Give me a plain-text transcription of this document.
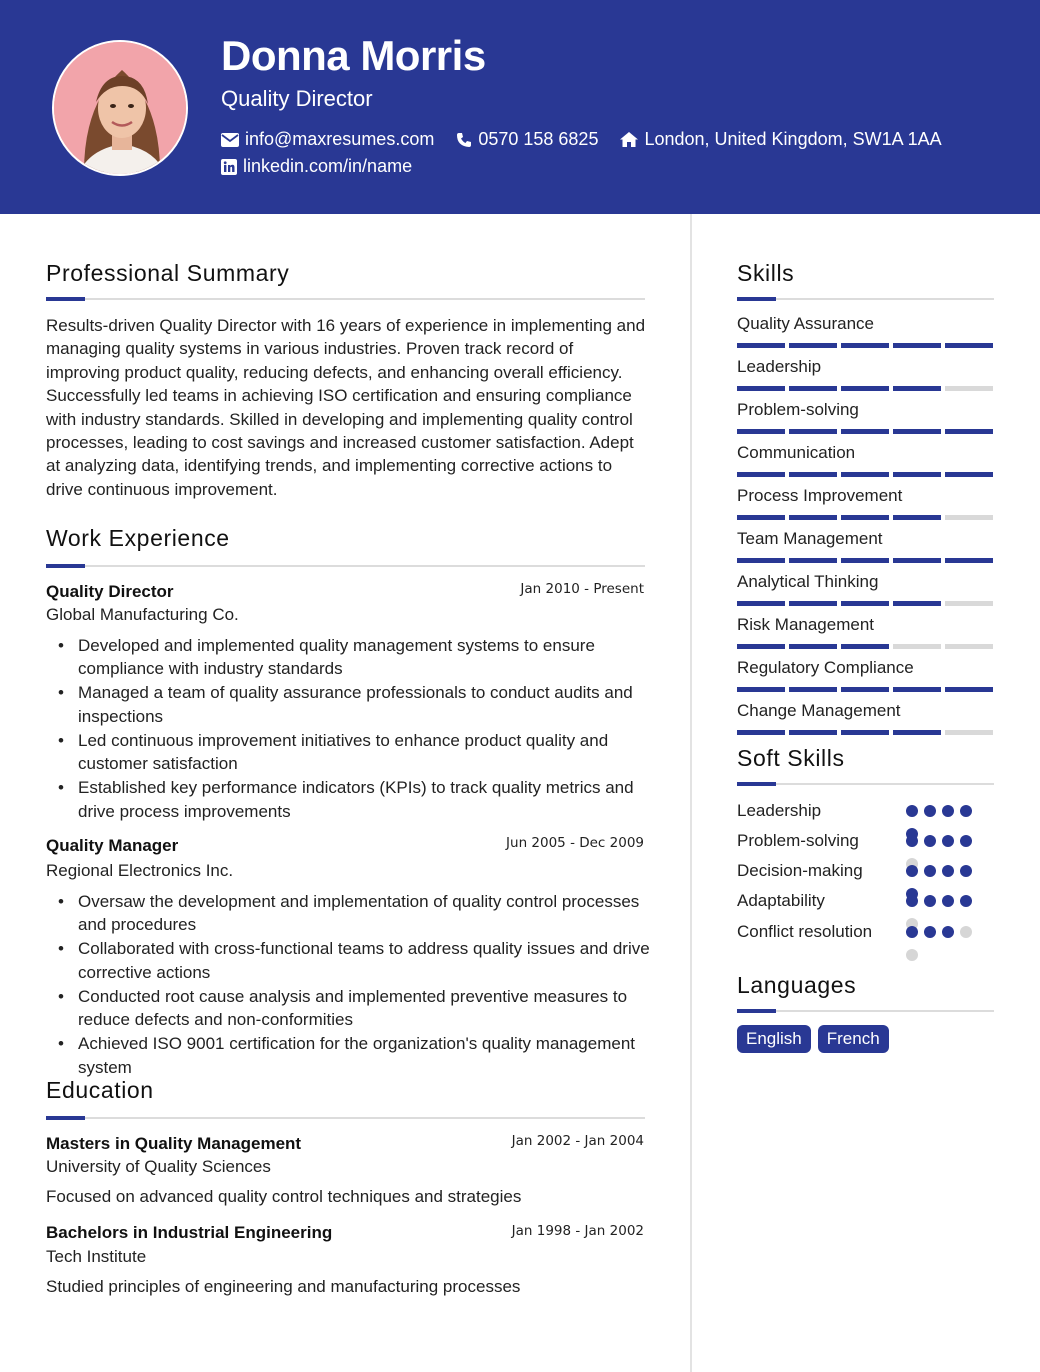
Donna Morris
Quality Director
info@maxresumes.com 0570 158 6825	London, United Kingdom, SW1A 1AA
linkedin.com/in/name
Professional Summary
Results-driven Quality Director with 16 years of experience in implementing and managing quality systems in various industries. Proven track record of improving product quality, reducing defects, and enhancing overall efficiency. Successfully led teams in achieving ISO certification and ensuring compliance with industry standards. Skilled in developing and implementing quality control processes, leading to cost savings and increased customer satisfaction. Adept at analyzing data, identifying trends, and implementing corrective actions to drive continuous improvement.
Work Experience
Quality Director	Jan 2010 - Present
Global Manufacturing Co.
• Developed and implemented quality management systems to ensure compliance with industry standards
• Managed a team of quality assurance professionals to conduct audits and inspections
• Led continuous improvement initiatives to enhance product quality and customer satisfaction
• Established key performance indicators (KPIs) to track quality metrics and drive process improvements
Quality Manager	Jun 2005 - Dec 2009
Regional Electronics Inc.
• Oversaw the development and implementation of quality control processes and procedures
• Collaborated with cross-functional teams to address quality issues and drive corrective actions
• Conducted root cause analysis and implemented preventive measures to reduce defects and non-conformities
• Achieved ISO 9001 certification for the organization's quality management system
Education
Masters in Quality Management	Jan 2002 - Jan 2004
University of Quality Sciences
Focused on advanced quality control techniques and strategies
Bachelors in Industrial Engineering	Jan 1998 - Jan 2002
Tech Institute
Studied principles of engineering and manufacturing processes
Skills
Quality Assurance
Leadership
Problem-solving
Communication
Process Improvement
Team Management
Analytical Thinking
Risk Management
Regulatory Compliance
Change Management
Soft Skills
Leadership
Problem-solving
Decision-making
Adaptability
Conflict resolution
Languages
English	French
